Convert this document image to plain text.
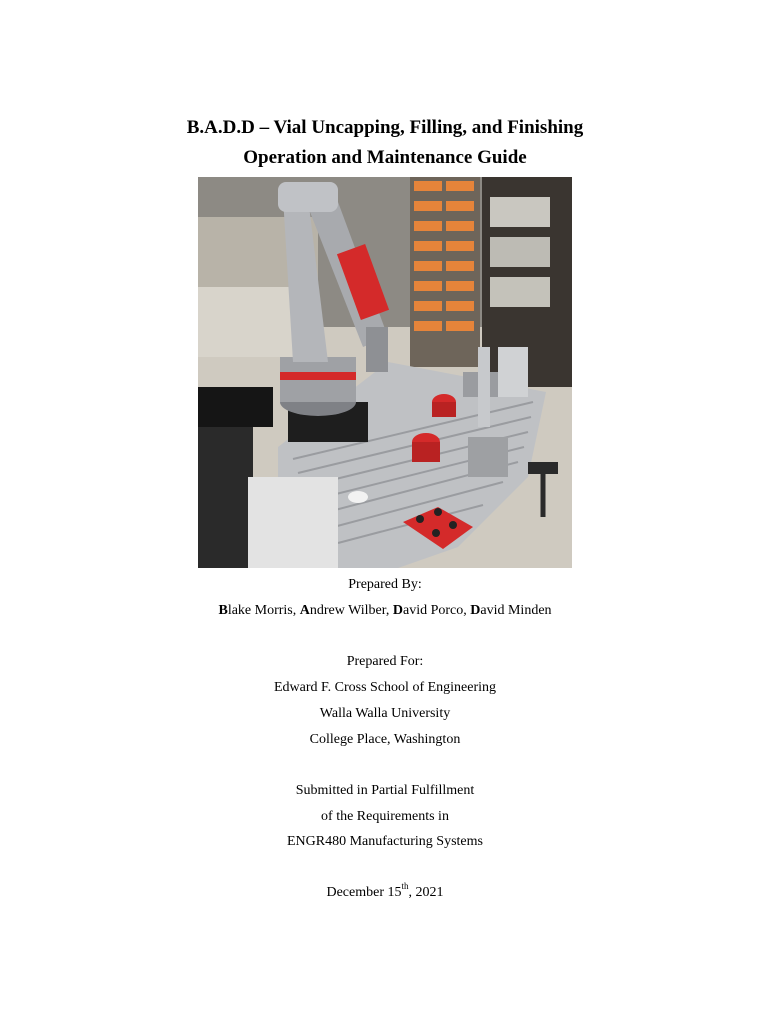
B.A.D.D – Vial Uncapping, Filling, and Finishing
Operation and Maintenance Guide
Prepared By:
Blake Morris, Andrew Wilber, David Porco, David Minden
Prepared For:
Edward F. Cross School of Engineering
Walla Walla University
College Place, Washington
Submitted in Partial Fulfillment
of the Requirements in
ENGR480 Manufacturing Systems
December 15th, 2021
